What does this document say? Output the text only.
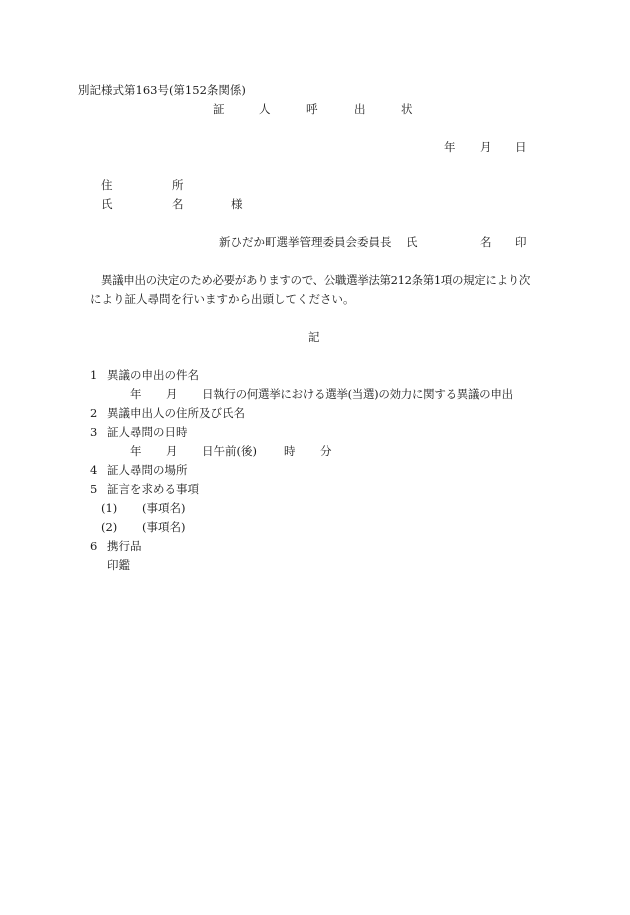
別記様式第163号(第152条関係)
証	人	呼	出	状
年 月 日
住	所
氏	名	様
新ひだか町選挙管理委員会委員長 氏	名 印
異議申出の決定のため必要がありますので、公職選挙法第212条第1項の規定により次
により証人尋問を行いますから出頭してください。
記
1 異議の申出の件名
年 月 日執行の何選挙における選挙(当選)の効力に関する異議の申出
2 異議申出人の住所及び氏名
3 証人尋問の日時
年 月 日午前(後) 時 分
4 証人尋問の場所
5 証言を求める事項
(1) (事項名)
(2) (事項名)
6 携行品
印鑑
